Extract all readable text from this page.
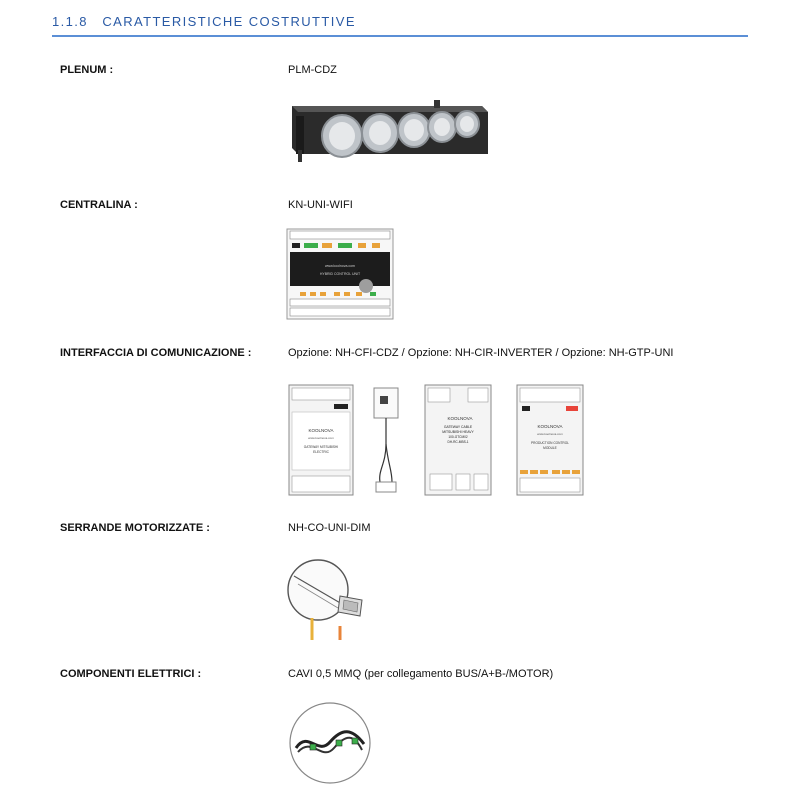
1.1.8 CARATTERISTICHE COSTRUTTIVE
PLENUM :	PLM-CDZ
CENTRALINA :	KN-UNI-WIFI
www.koolnova.com
HYBRID CONTROL UNIT
INTERFACCIA DI COMUNICAZIONE :	Opzione: NH-CFI-CDZ / Opzione: NH-CIR-INVERTER / Opzione: NH-GTP-UNI
KOOLNOVA
www.koolnova.com
GATEWAY MITSUBISHI
ELECTRIC
KOOLNOVA
GATEWAY CABLE
MITSUBISHI HEAVY
100-GTCM02
DH-RC-MBS-1
KOOLNOVA
www.koolnova.com
PRODUCTION CONTROL
MODULE
SERRANDE MOTORIZZATE :	NH-CO-UNI-DIM
COMPONENTI ELETTRICI :	CAVI 0,5 MMQ (per collegamento BUS/A+B-/MOTOR)
